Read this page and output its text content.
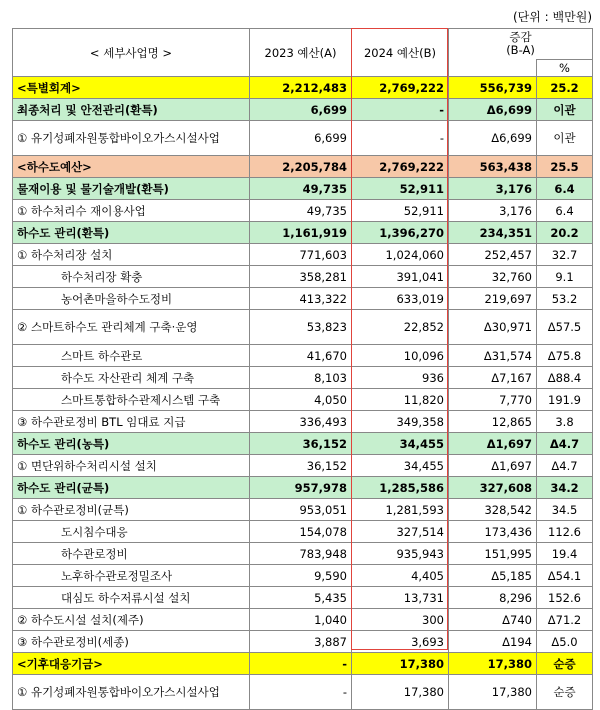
(단위 : 백만원)
< 세부사업명 >	2023 예산(A)	2024 예산(B)	증감
(B-A)	
				%
<특별회계>	2,212,483	2,769,222	556,739	25.2
최종처리 및 안전관리(환특)	6,699	-	Δ6,699	이관
① 유기성폐자원통합바이오가스시설사업	6,699	-	Δ6,699	이관
<하수도예산>	2,205,784	2,769,222	563,438	25.5
물재이용 및 물기술개발(환특)	49,735	52,911	3,176	6.4
① 하수처리수 재이용사업	49,735	52,911	3,176	6.4
하수도 관리(환특)	1,161,919	1,396,270	234,351	20.2
① 하수처리장 설치	771,603	1,024,060	252,457	32.7
하수처리장 확충	358,281	391,041	32,760	9.1
농어촌마을하수도정비	413,322	633,019	219,697	53.2
② 스마트하수도 관리체계 구축·운영	53,823	22,852	Δ30,971	Δ57.5
스마트 하수관로	41,670	10,096	Δ31,574	Δ75.8
하수도 자산관리 체계 구축	8,103	936	Δ7,167	Δ88.4
스마트통합하수관제시스템 구축	4,050	11,820	7,770	191.9
③ 하수관로정비 BTL 임대료 지급	336,493	349,358	12,865	3.8
하수도 관리(농특)	36,152	34,455	Δ1,697	Δ4.7
① 면단위하수처리시설 설치	36,152	34,455	Δ1,697	Δ4.7
하수도 관리(균특)	957,978	1,285,586	327,608	34.2
① 하수관로정비(균특)	953,051	1,281,593	328,542	34.5
도시침수대응	154,078	327,514	173,436	112.6
하수관로정비	783,948	935,943	151,995	19.4
노후하수관로정밀조사	9,590	4,405	Δ5,185	Δ54.1
대심도 하수저류시설 설치	5,435	13,731	8,296	152.6
② 하수도시설 설치(제주)	1,040	300	Δ740	Δ71.2
③ 하수관로정비(세종)	3,887	3,693	Δ194	Δ5.0
<기후대응기금>	-	17,380	17,380	순증
① 유기성폐자원통합바이오가스시설사업	-	17,380	17,380	순증
